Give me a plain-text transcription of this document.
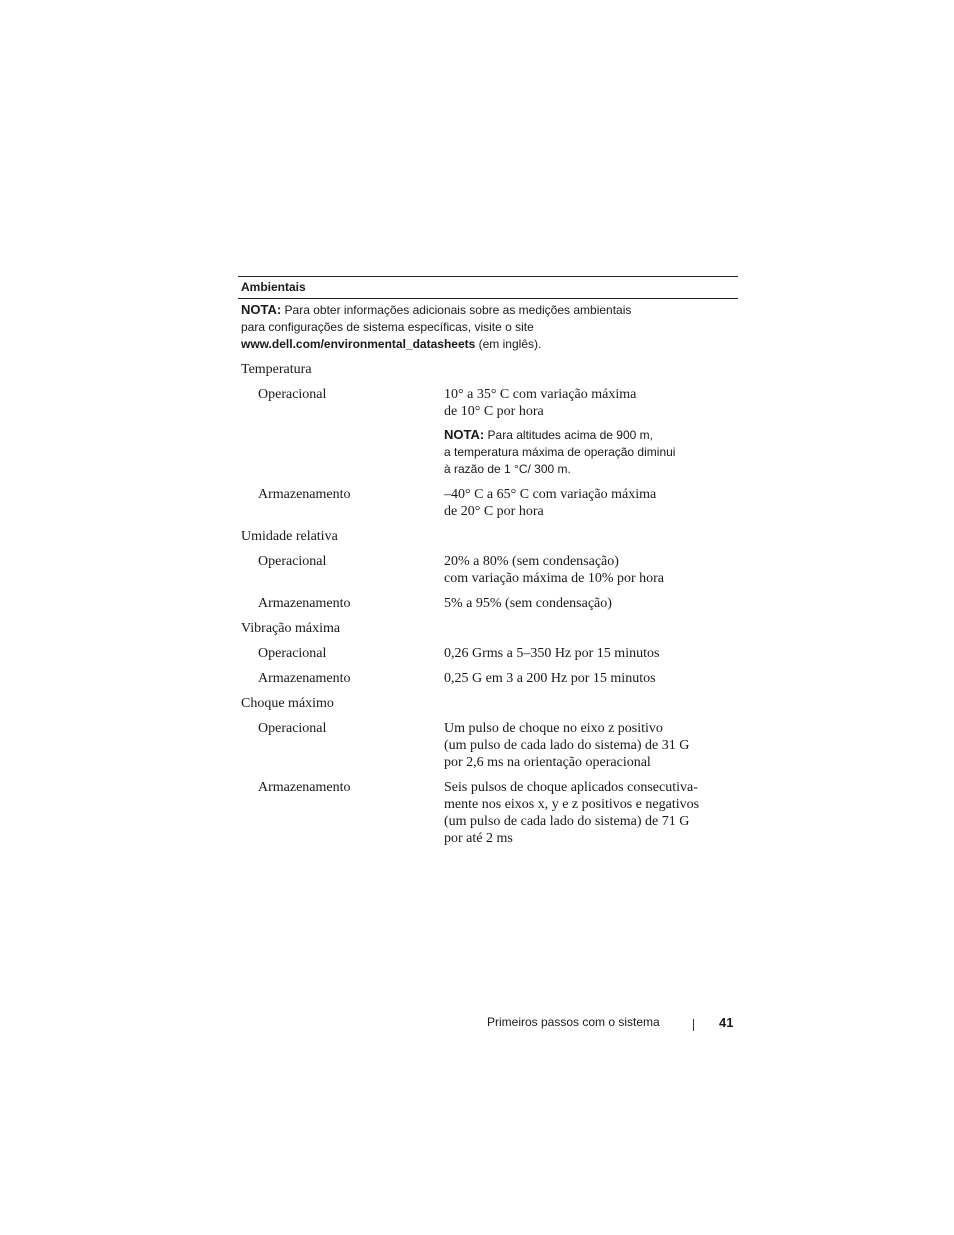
Ambientais
NOTA: Para obter informações adicionais sobre as medições ambientais
para configurações de sistema específicas, visite o site
www.dell.com/environmental_datasheets (em inglês).
Temperatura
Operacional	10° a 35° C com variação máxima
de 10° C por hora
NOTA: Para altitudes acima de 900 m,
a temperatura máxima de operação diminui
à razão de 1 °C/ 300 m.
Armazenamento	–40° C a 65° C com variação máxima
de 20° C por hora
Umidade relativa
Operacional	20% a 80% (sem condensação)
com variação máxima de 10% por hora
Armazenamento	5% a 95% (sem condensação)
Vibração máxima
Operacional	0,26 Grms a 5–350 Hz por 15 minutos
Armazenamento	0,25 G em 3 a 200 Hz por 15 minutos
Choque máximo
Operacional	Um pulso de choque no eixo z positivo
(um pulso de cada lado do sistema) de 31 G
por 2,6 ms na orientação operacional
Armazenamento	Seis pulsos de choque aplicados consecutiva-
mente nos eixos x, y e z positivos e negativos
(um pulso de cada lado do sistema) de 71 G
por até 2 ms
Primeiros passos com o sistema	41
